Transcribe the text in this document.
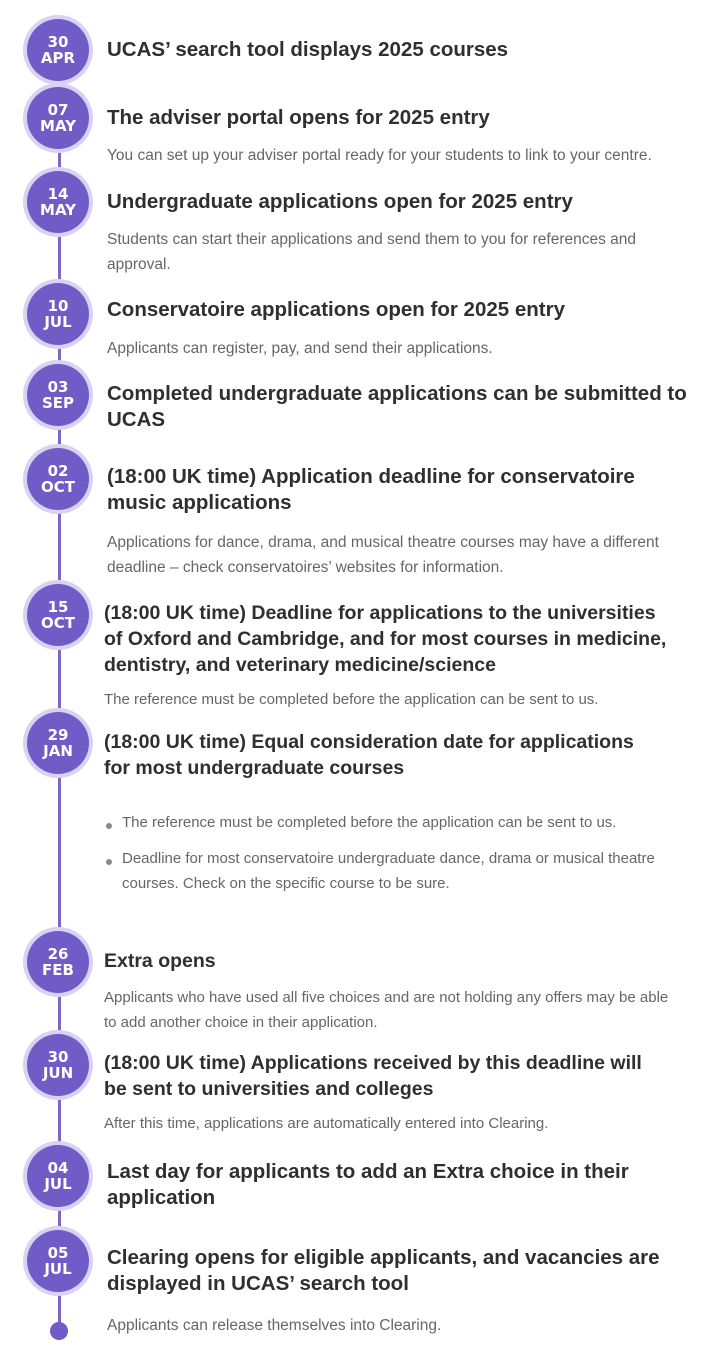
30
APR UCAS’ search tool displays 2025 courses

07
MAY The adviser portal opens for 2025 entry

You can set up your adviser portal ready for your students to link to your centre.

14
MAY Undergraduate applications open for 2025 entry

Students can start their applications and send them to you for references and approval.

10
JUL

Conservatoire applications open for 2025 entry

Applicants can register, pay, and send their applications.

03
SEP Completed undergraduate applications can be submitted to UCAS

02
OCT (18:00 UK time) Application deadline for conservatoire music applications

Applications for dance, drama, and musical theatre courses may have a different deadline – check conservatoires’ websites for information.

15
OCT (18:00 UK time) Deadline for applications to the universities of Oxford and Cambridge, and for most courses in medicine, dentistry, and veterinary medicine/science

The reference must be completed before the application can be sent to us.

29
JAN (18:00 UK time) Equal consideration date for applications for most undergraduate courses

The reference must be completed before the application can be sent to us.
Deadline for most conservatoire undergraduate dance, drama or musical theatre courses. Check on the specific course to be sure.
26
FEB Extra opens

Applicants who have used all five choices and are not holding any offers may be able to add another choice in their application.

30
JUN (18:00 UK time) Applications received by this deadline will be sent to universities and colleges

After this time, applications are automatically entered into Clearing.

04
JUL

Last day for applicants to add an Extra choice in their application

05
JUL Clearing opens for eligible applicants, and vacancies are displayed in UCAS’ search tool

Applicants can release themselves into Clearing.
